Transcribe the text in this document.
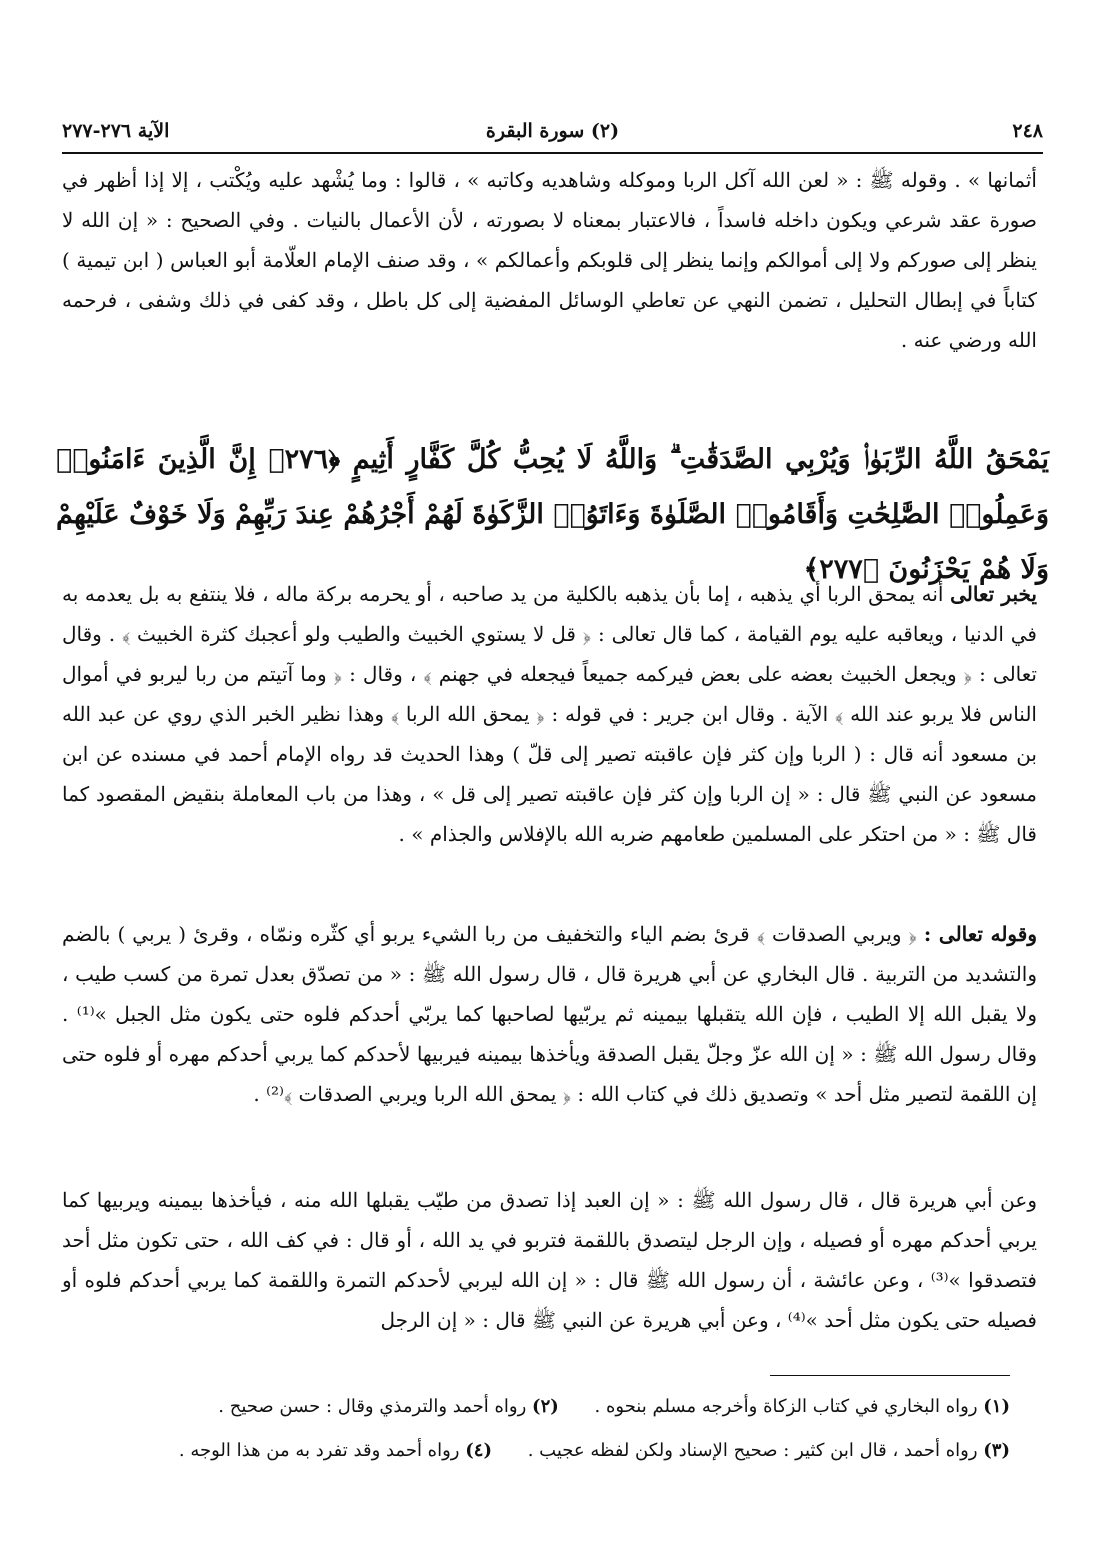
٢٤٨
(٢) سورة البقرة
الآية ٢٧٦-٢٧٧

أثمانها » . وقوله ﷺ : « لعن الله آكل الربا وموكله وشاهديه وكاتبه » ، قالوا : وما يُشْهد عليه ويُكْتب ، إلا إذا أظهر في صورة عقد شرعي ويكون داخله فاسداً ، فالاعتبار بمعناه لا بصورته ، لأن الأعمال بالنيات . وفي الصحيح : « إن الله لا ينظر إلى صوركم ولا إلى أموالكم وإنما ينظر إلى قلوبكم وأعمالكم » ، وقد صنف الإمام العلّامة أبو العباس ( ابن تيمية ) كتاباً في إبطال التحليل ، تضمن النهي عن تعاطي الوسائل المفضية إلى كل باطل ، وقد كفى في ذلك وشفى ، فرحمه الله ورضي عنه .

يَمْحَقُ اللَّهُ الرِّبَوٰا۟ وَيُرْبِي الصَّدَقَٰتِ ۗ وَاللَّهُ لَا يُحِبُّ كُلَّ كَفَّارٍ أَثِيمٍ ﴿٢٧٦﴾ إِنَّ الَّذِينَ ءَامَنُوا۟ وَعَمِلُوا۟ الصَّٰلِحَٰتِ وَأَقَامُوا۟ الصَّلَوٰةَ وَءَاتَوُا۟ الزَّكَوٰةَ لَهُمْ أَجْرُهُمْ عِندَ رَبِّهِمْ وَلَا خَوْفٌ عَلَيْهِمْ وَلَا هُمْ يَحْزَنُونَ ﴿٢٧٧﴾

يخبر تعالى أنه يمحق الربا أي يذهبه ، إما بأن يذهبه بالكلية من يد صاحبه ، أو يحرمه بركة ماله ، فلا ينتفع به بل يعدمه به في الدنيا ، ويعاقبه عليه يوم القيامة ، كما قال تعالى : ﴿ قل لا يستوي الخبيث والطيب ولو أعجبك كثرة الخبيث ﴾ . وقال تعالى : ﴿ ويجعل الخبيث بعضه على بعض فيركمه جميعاً فيجعله في جهنم ﴾ ، وقال : ﴿ وما آتيتم من ربا ليربو في أموال الناس فلا يربو عند الله ﴾ الآية . وقال ابن جرير : في قوله : ﴿ يمحق الله الربا ﴾ وهذا نظير الخبر الذي روي عن عبد الله بن مسعود أنه قال : ( الربا وإن كثر فإن عاقبته تصير إلى قلّ ) وهذا الحديث قد رواه الإمام أحمد في مسنده عن ابن مسعود عن النبي ﷺ قال : « إن الربا وإن كثر فإن عاقبته تصير إلى قل » ، وهذا من باب المعاملة بنقيض المقصود كما قال ﷺ : « من احتكر على المسلمين طعامهم ضربه الله بالإفلاس والجذام » .

وقوله تعالى : ﴿ ويربي الصدقات ﴾ قرئ بضم الياء والتخفيف من ربا الشيء يربو أي كثّره ونمّاه ، وقرئ ( يربي ) بالضم والتشديد من التربية . قال البخاري عن أبي هريرة قال ، قال رسول الله ﷺ : « من تصدّق بعدل تمرة من كسب طيب ، ولا يقبل الله إلا الطيب ، فإن الله يتقبلها بيمينه ثم يربّيها لصاحبها كما يربّي أحدكم فلوه حتى يكون مثل الجبل »⁽¹⁾ . وقال رسول الله ﷺ : « إن الله عزّ وجلّ يقبل الصدقة ويأخذها بيمينه فيربيها لأحدكم كما يربي أحدكم مهره أو فلوه حتى إن اللقمة لتصير مثل أحد » وتصديق ذلك في كتاب الله : ﴿ يمحق الله الربا ويربي الصدقات ﴾⁽²⁾ .

وعن أبي هريرة قال ، قال رسول الله ﷺ : « إن العبد إذا تصدق من طيّب يقبلها الله منه ، فيأخذها بيمينه ويربيها كما يربي أحدكم مهره أو فصيله ، وإن الرجل ليتصدق باللقمة فتربو في يد الله ، أو قال : في كف الله ، حتى تكون مثل أحد فتصدقوا »⁽³⁾ ، وعن عائشة ، أن رسول الله ﷺ قال : « إن الله ليربي لأحدكم التمرة واللقمة كما يربي أحدكم فلوه أو فصيله حتى يكون مثل أحد »⁽⁴⁾ ، وعن أبي هريرة عن النبي ﷺ قال : « إن الرجل

(١) رواه البخاري في كتاب الزكاة وأخرجه مسلم بنحوه . (٢) رواه أحمد والترمذي وقال : حسن صحيح .
(٣) رواه أحمد ، قال ابن كثير : صحيح الإسناد ولكن لفظه عجيب . (٤) رواه أحمد وقد تفرد به من هذا الوجه .
